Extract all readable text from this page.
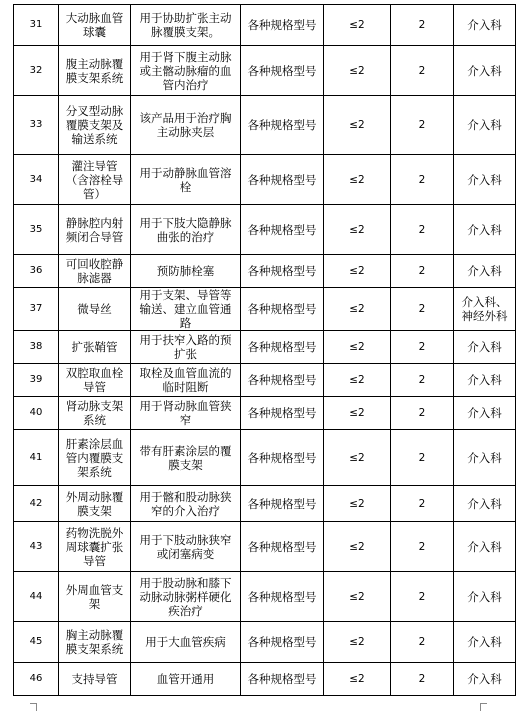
31	大动脉血管球囊	用于协助扩张主动脉覆膜支架。	各种规格型号	≤2	2	介入科
32	腹主动脉覆膜支架系统	用于肾下腹主动脉或主髂动脉瘤的血管内治疗	各种规格型号	≤2	2	介入科
33	分叉型动脉覆膜支架及输送系统	该产品用于治疗胸主动脉夹层	各种规格型号	≤2	2	介入科
34	灌注导管（含溶栓导管）	用于动静脉血管溶栓	各种规格型号	≤2	2	介入科
35	静脉腔内射频闭合导管	用于下肢大隐静脉曲张的治疗	各种规格型号	≤2	2	介入科
36	可回收腔静脉滤器	预防肺栓塞	各种规格型号	≤2	2	介入科
37	微导丝	用于支架、导管等输送、建立血管通路	各种规格型号	≤2	2	介入科、神经外科
38	扩张鞘管	用于扶窄入路的预扩张	各种规格型号	≤2	2	介入科
39	双腔取血栓导管	取栓及血管血流的临时阻断	各种规格型号	≤2	2	介入科
40	肾动脉支架系统	用于肾动脉血管狭窄	各种规格型号	≤2	2	介入科
41	肝素涂层血管内覆膜支架系统	带有肝素涂层的覆膜支架	各种规格型号	≤2	2	介入科
42	外周动脉覆膜支架	用于髂和股动脉狭窄的介入治疗	各种规格型号	≤2	2	介入科
43	药物洗脱外周球囊扩张导管	用于下肢动脉狭窄或闭塞病变	各种规格型号	≤2	2	介入科
44	外周血管支架	用于股动脉和膝下动脉动脉粥样硬化疾治疗	各种规格型号	≤2	2	介入科
45	胸主动脉覆膜支架系统	用于大血管疾病	各种规格型号	≤2	2	介入科
46	支持导管	血管开通用	各种规格型号	≤2	2	介入科
